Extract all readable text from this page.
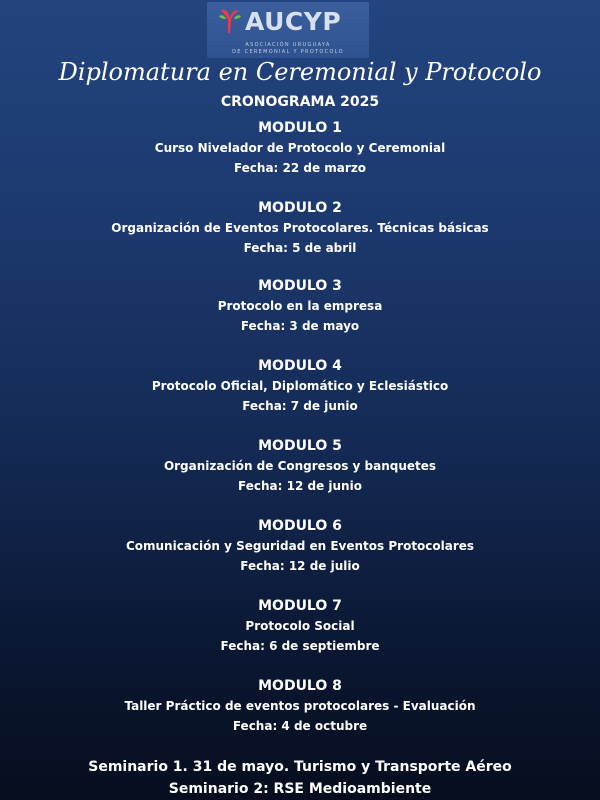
AUCYP
ASOCIACIÓN URUGUAYA
DE CEREMONIAL Y PROTOCOLO
Diplomatura en Ceremonial y Protocolo
CRONOGRAMA 2025
MODULO 1
Curso Nivelador de Protocolo y Ceremonial
Fecha: 22 de marzo
MODULO 2
Organización de Eventos Protocolares. Técnicas básicas
Fecha: 5 de abril
MODULO 3
Protocolo en la empresa
Fecha: 3 de mayo
MODULO 4
Protocolo Oficial, Diplomático y Eclesiástico
Fecha: 7 de junio
MODULO 5
Organización de Congresos y banquetes
Fecha: 12 de junio
MODULO 6
Comunicación y Seguridad en Eventos Protocolares
Fecha: 12 de julio
MODULO 7
Protocolo Social
Fecha: 6 de septiembre
MODULO 8
Taller Práctico de eventos protocolares - Evaluación
Fecha: 4 de octubre
Seminario 1. 31 de mayo. Turismo y Transporte Aéreo
Seminario 2: RSE Medioambiente
